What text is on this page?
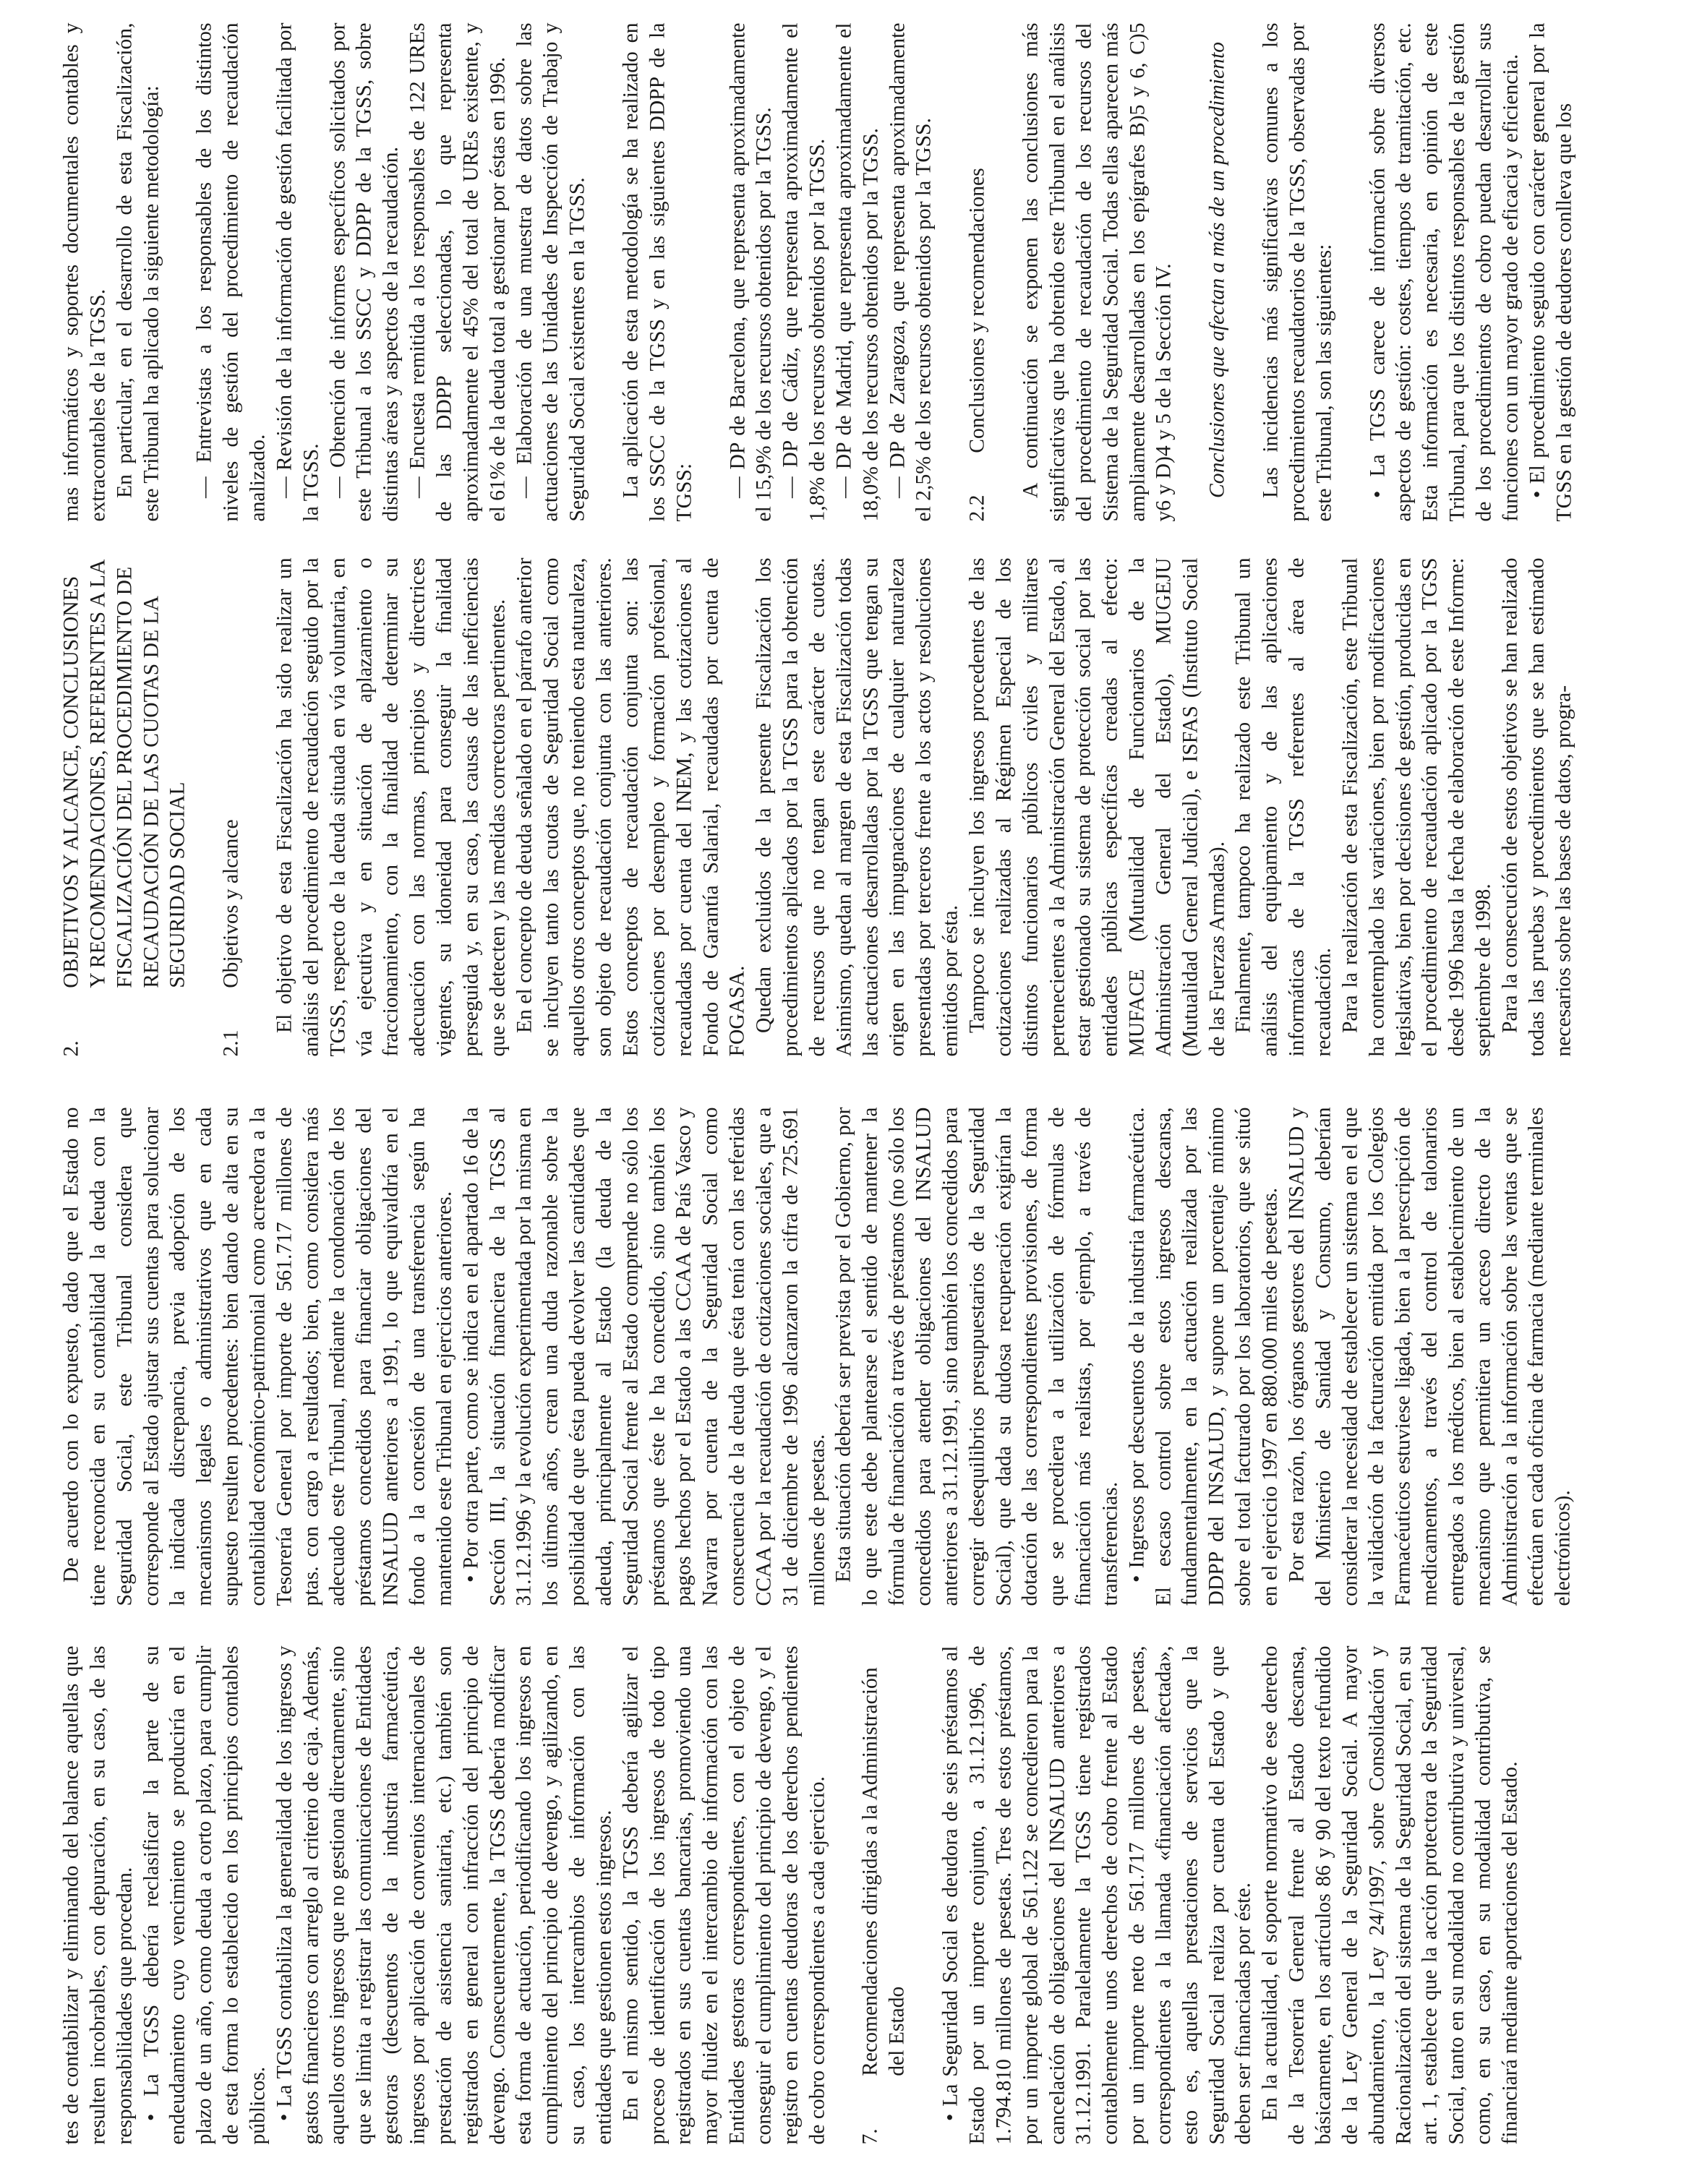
tes de contabilizar y eliminando del balance aquellas que resulten incobrables, con depuración, en su caso, de las responsabilidades que procedan. • La TGSS debería reclasificar la parte de su endeudamiento cuyo vencimiento se produciría en el plazo de un año, como deuda a corto plazo, para cumplir de esta forma lo establecido en los principios contables públicos. • La TGSS contabiliza la generalidad de los ingresos y gastos financieros con arreglo al criterio de caja. Además, aquellos otros ingresos que no gestiona directamente, sino que se limita a registrar las comunicaciones de Entidades gestoras (descuentos de la industria farmacéutica, ingresos por aplicación de convenios internacionales de prestación de asistencia sanitaria, etc.) también son registrados en general con infracción del principio de devengo. Consecuentemente, la TGSS debería modificar esta forma de actuación, periodificando los ingresos en cumplimiento del principio de devengo, y agilizando, en su caso, los intercambios de información con las entidades que gestionen estos ingresos. En el mismo sentido, la TGSS debería agilizar el proceso de identificación de los ingresos de todo tipo registrados en sus cuentas bancarias, promoviendo una mayor fluidez en el intercambio de información con las Entidades gestoras correspondientes, con el objeto de conseguir el cumplimiento del principio de devengo, y el registro en cuentas deudoras de los derechos pendientes de cobro correspondientes a cada ejercicio. 7.
Recomendaciones dirigidas a la Administración del Estado • La Seguridad Social es deudora de seis préstamos al Estado por un importe conjunto, a 31.12.1996, de 1.794.810 millones de pesetas. Tres de estos préstamos, por un importe global de 561.122 se concedieron para la cancelación de obligaciones del INSALUD anteriores a 31.12.1991. Paralelamente la TGSS tiene registrados contablemente unos derechos de cobro frente al Estado por un importe neto de 561.717 millones de pesetas, correspondientes a la llamada «financiación afectada», esto es, aquellas prestaciones de servicios que la Seguridad Social realiza por cuenta del Estado y que deben ser financiadas por éste. En la actualidad, el soporte normativo de ese derecho de la Tesorería General frente al Estado descansa, básicamente, en los artículos 86 y 90 del texto refundido de la Ley General de la Seguridad Social. A mayor abundamiento, la Ley 24/1997, sobre Consolidación y Racionalización del sistema de la Seguridad Social, en su art. 1, establece que la acción protectora de la Seguridad Social, tanto en su modalidad no contributiva y universal, como, en su caso, en su modalidad contributiva, se financiará mediante aportaciones del Estado.

De acuerdo con lo expuesto, dado que el Estado no tiene reconocida en su contabilidad la deuda con la Seguridad Social, este Tribunal considera que corresponde al Estado ajustar sus cuentas para solucionar la indicada discrepancia, previa adopción de los mecanismos legales o administrativos que en cada supuesto resulten procedentes: bien dando de alta en su contabilidad económico-patrimonial como acreedora a la Tesorería General por importe de 561.717 millones de ptas. con cargo a resultados; bien, como considera más adecuado este Tribunal, mediante la condonación de los préstamos concedidos para financiar obligaciones del INSALUD anteriores a 1991, lo que equivaldría en el fondo a la concesión de una transferencia según ha mantenido este Tribunal en ejercicios anteriores. • Por otra parte, como se indica en el apartado 16 de la Sección III, la situación financiera de la TGSS al 31.12.1996 y la evolución experimentada por la misma en los últimos años, crean una duda razonable sobre la posibilidad de que ésta pueda devolver las cantidades que adeuda, principalmente al Estado (la deuda de la Seguridad Social frente al Estado comprende no sólo los préstamos que éste le ha concedido, sino también los pagos hechos por el Estado a las CCAA de País Vasco y Navarra por cuenta de la Seguridad Social como consecuencia de la deuda que ésta tenía con las referidas CCAA por la recaudación de cotizaciones sociales, que a 31 de diciembre de 1996 alcanzaron la cifra de 725.691 millones de pesetas. Esta situación debería ser prevista por el Gobierno, por lo que este debe plantearse el sentido de mantener la fórmula de financiación a través de préstamos (no sólo los concedidos para atender obligaciones del INSALUD anteriores a 31.12.1991, sino también los concedidos para corregir desequilibrios presupuestarios de la Seguridad Social), que dada su dudosa recuperación exigirían la dotación de las correspondientes provisiones, de forma que se procediera a la utilización de fórmulas de financiación más realistas, por ejemplo, a través de transferencias. • Ingresos por descuentos de la industria farmacéutica. El escaso control sobre estos ingresos descansa, fundamentalmente, en la actuación realizada por las DDPP del INSALUD, y supone un porcentaje mínimo sobre el total facturado por los laboratorios, que se situó en el ejercicio 1997 en 880.000 miles de pesetas. Por esta razón, los órganos gestores del INSALUD y del Ministerio de Sanidad y Consumo, deberían considerar la necesidad de establecer un sistema en el que la validación de la facturación emitida por los Colegios Farmacéuticos estuviese ligada, bien a la prescripción de medicamentos, a través del control de talonarios entregados a los médicos, bien al establecimiento de un mecanismo que permitiera un acceso directo de la Administración a la información sobre las ventas que se efectúan en cada oficina de farmacia (mediante terminales electrónicos).

2.
OBJETIVOS Y ALCANCE, CONCLUSIONES Y RECOMENDACIONES, REFERENTES A LA FISCALIZACIÓN DEL PROCEDIMIENTO DE RECAUDACIÓN DE LAS CUOTAS DE LA SEGURIDAD SOCIAL
2.1
Objetivos y alcance El objetivo de esta Fiscalización ha sido realizar un análisis del procedimiento de recaudación seguido por la TGSS, respecto de la deuda situada en vía voluntaria, en vía ejecutiva y en situación de aplazamiento o fraccionamiento, con la finalidad de determinar su adecuación con las normas, principios y directrices vigentes, su idoneidad para conseguir la finalidad perseguida y, en su caso, las causas de las ineficiencias que se detecten y las medidas correctoras pertinentes. En el concepto de deuda señalado en el párrafo anterior se incluyen tanto las cuotas de Seguridad Social como aquellos otros conceptos que, no teniendo esta naturaleza, son objeto de recaudación conjunta con las anteriores. Estos conceptos de recaudación conjunta son: las cotizaciones por desempleo y formación profesional, recaudadas por cuenta del INEM, y las cotizaciones al Fondo de Garantía Salarial, recaudadas por cuenta de FOGASA. Quedan excluidos de la presente Fiscalización los procedimientos aplicados por la TGSS para la obtención de recursos que no tengan este carácter de cuotas. Asimismo, quedan al margen de esta Fiscalización todas las actuaciones desarrolladas por la TGSS que tengan su origen en las impugnaciones de cualquier naturaleza presentadas por terceros frente a los actos y resoluciones emitidos por ésta. Tampoco se incluyen los ingresos procedentes de las cotizaciones realizadas al Régimen Especial de los distintos funcionarios públicos civiles y militares pertenecientes a la Administración General del Estado, al estar gestionado su sistema de protección social por las entidades públicas específicas creadas al efecto: MUFACE (Mutualidad de Funcionarios de la Administración General del Estado), MUGEJU (Mutualidad General Judicial), e ISFAS (Instituto Social de las Fuerzas Armadas). Finalmente, tampoco ha realizado este Tribunal un análisis del equipamiento y de las aplicaciones informáticas de la TGSS referentes al área de recaudación. Para la realización de esta Fiscalización, este Tribunal ha contemplado las variaciones, bien por modificaciones legislativas, bien por decisiones de gestión, producidas en el procedimiento de recaudación aplicado por la TGSS desde 1996 hasta la fecha de elaboración de este Informe: septiembre de 1998. Para la consecución de estos objetivos se han realizado todas las pruebas y procedimientos que se han estimado necesarios sobre las bases de datos, progra-

mas informáticos y soportes documentales contables y extracontables de la TGSS. En particular, en el desarrollo de esta Fiscalización, este Tribunal ha aplicado la siguiente metodología: — Entrevistas a los responsables de los distintos niveles de gestión del procedimiento de recaudación analizado. — Revisión de la información de gestión facilitada por la TGSS. — Obtención de informes específicos solicitados por este Tribunal a los SSCC y DDPP de la TGSS, sobre distintas áreas y aspectos de la recaudación. — Encuesta remitida a los responsables de 122 UREs de las DDPP seleccionadas, lo que representa aproximadamente el 45% del total de UREs existente, y el 61% de la deuda total a gestionar por éstas en 1996. — Elaboración de una muestra de datos sobre las actuaciones de las Unidades de Inspección de Trabajo y Seguridad Social existentes en la TGSS. La aplicación de esta metodología se ha realizado en los SSCC de la TGSS y en las siguientes DDPP de la TGSS: — DP de Barcelona, que representa aproximadamente el 15,9% de los recursos obtenidos por la TGSS. — DP de Cádiz, que representa aproximadamente el 1,8% de los recursos obtenidos por la TGSS. — DP de Madrid, que representa aproximadamente el 18,0% de los recursos obtenidos por la TGSS. — DP de Zaragoza, que representa aproximadamente el 2,5% de los recursos obtenidos por la TGSS. 2.2
Conclusiones y recomendaciones A continuación se exponen las conclusiones más significativas que ha obtenido este Tribunal en el análisis del procedimiento de recaudación de los recursos del Sistema de la Seguridad Social. Todas ellas aparecen más ampliamente desarrolladas en los epígrafes B)5 y 6, C)5 y6 y D)4 y 5 de la Sección IV. Conclusiones que afectan a más de un procedimiento Las incidencias más significativas comunes a los procedimientos recaudatorios de la TGSS, observadas por este Tribunal, son las siguientes: • La TGSS carece de información sobre diversos aspectos de gestión: costes, tiempos de tramitación, etc. Esta información es necesaria, en opinión de este Tribunal, para que los distintos responsables de la gestión de los procedimientos de cobro puedan desarrollar sus funciones con un mayor grado de eficacia y eficiencia. • El procedimiento seguido con carácter general por la TGSS en la gestión de deudores conlleva que los
